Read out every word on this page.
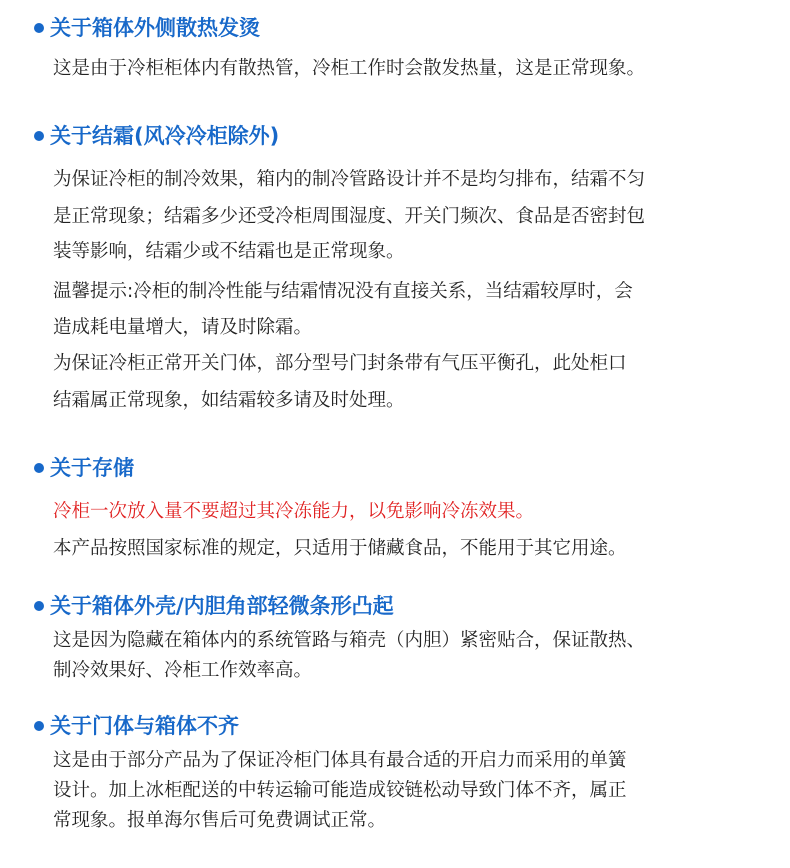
关于箱体外侧散热发烫
这是由于冷柜柜体内有散热管，冷柜工作时会散发热量，这是正常现象。
关于结霜(风冷冷柜除外)
为保证冷柜的制冷效果，箱内的制冷管路设计并不是均匀排布，结霜不匀
是正常现象；结霜多少还受冷柜周围湿度、开关门频次、食品是否密封包
装等影响，结霜少或不结霜也是正常现象。
温馨提示:冷柜的制冷性能与结霜情况没有直接关系，当结霜较厚时，会
造成耗电量增大，请及时除霜。
为保证冷柜正常开关门体，部分型号门封条带有气压平衡孔，此处柜口
结霜属正常现象，如结霜较多请及时处理。
关于存储
冷柜一次放入量不要超过其冷冻能力，以免影响冷冻效果。
本产品按照国家标准的规定，只适用于储藏食品，不能用于其它用途。
关于箱体外壳/内胆角部轻微条形凸起
这是因为隐藏在箱体内的系统管路与箱壳（内胆）紧密贴合，保证散热、
制冷效果好、冷柜工作效率高。
关于门体与箱体不齐
这是由于部分产品为了保证冷柜门体具有最合适的开启力而采用的单簧
设计。加上冰柜配送的中转运输可能造成铰链松动导致门体不齐，属正
常现象。报单海尔售后可免费调试正常。
